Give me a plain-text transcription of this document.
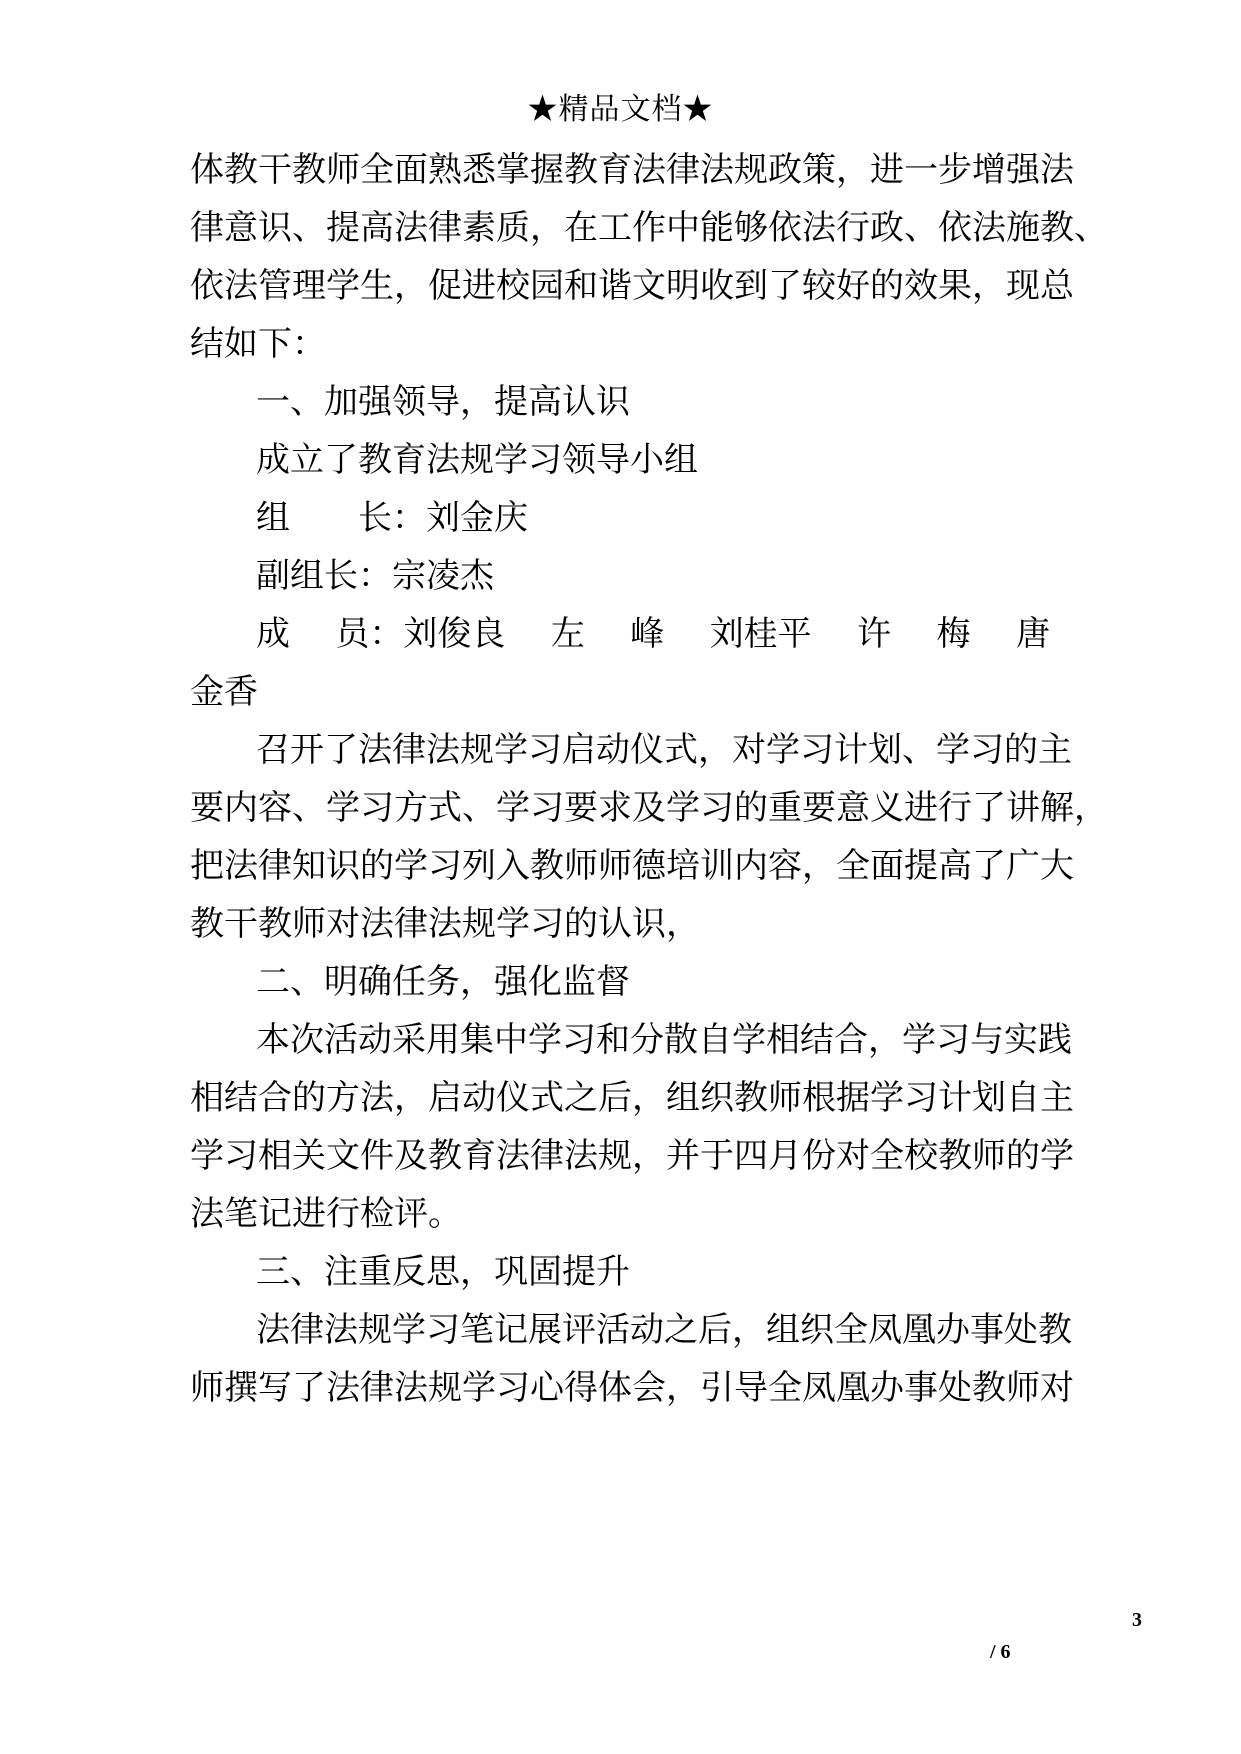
★精品文档★
体教干教师全面熟悉掌握教育法律法规政策，进一步增强法
律意识、提高法律素质，在工作中能够依法行政、依法施教、
依法管理学生，促进校园和谐文明收到了较好的效果，现总
结如下：
一、加强领导，提高认识
成立了教育法规学习领导小组
组　　长：刘金庆
副组长：宗凌杰
成 员：刘俊良 左 峰 刘桂平 许 梅 唐
金香
召开了法律法规学习启动仪式，对学习计划、学习的主
要内容、学习方式、学习要求及学习的重要意义进行了讲解，
把法律知识的学习列入教师师德培训内容，全面提高了广大
教干教师对法律法规学习的认识，
二、明确任务，强化监督
本次活动采用集中学习和分散自学相结合，学习与实践
相结合的方法，启动仪式之后，组织教师根据学习计划自主
学习相关文件及教育法律法规，并于四月份对全校教师的学
法笔记进行检评。
三、注重反思，巩固提升
法律法规学习笔记展评活动之后，组织全凤凰办事处教
师撰写了法律法规学习心得体会，引导全凤凰办事处教师对
3
/ 6
